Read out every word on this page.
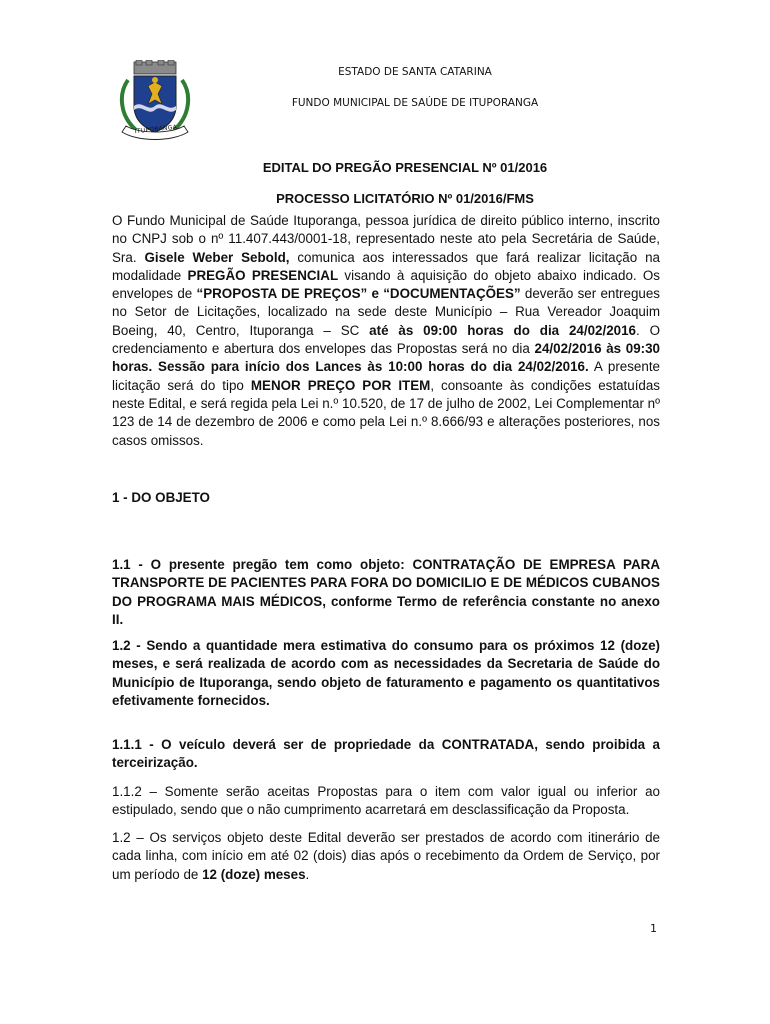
ITUPORANGA
ESTADO DE SANTA CATARINA
FUNDO MUNICIPAL DE SAÚDE DE ITUPORANGA
EDITAL DO PREGÃO PRESENCIAL Nº 01/2016
PROCESSO LICITATÓRIO Nº 01/2016/FMS
O Fundo Municipal de Saúde Ituporanga, pessoa jurídica de direito público interno, inscrito no CNPJ sob o nº 11.407.443/0001-18, representado neste ato pela Secretária de Saúde, Sra. Gisele Weber Sebold, comunica aos interessados que fará realizar licitação na modalidade PREGÃO PRESENCIAL visando à aquisição do objeto abaixo indicado. Os envelopes de “PROPOSTA DE PREÇOS” e “DOCUMENTAÇÕES” deverão ser entregues no Setor de Licitações, localizado na sede deste Município – Rua Vereador Joaquim Boeing, 40, Centro, Ituporanga – SC até às 09:00 horas do dia 24/02/2016. O credenciamento e abertura dos envelopes das Propostas será no dia 24/02/2016 às 09:30 horas. Sessão para início dos Lances às 10:00 horas do dia 24/02/2016. A presente licitação será do tipo MENOR PREÇO POR ITEM, consoante às condições estatuídas neste Edital, e será regida pela Lei n.º 10.520, de 17 de julho de 2002, Lei Complementar nº 123 de 14 de dezembro de 2006 e como pela Lei n.º 8.666/93 e alterações posteriores, nos casos omissos.
1 - DO OBJETO
1.1 - O presente pregão tem como objeto: CONTRATAÇÃO DE EMPRESA PARA TRANSPORTE DE PACIENTES PARA FORA DO DOMICILIO E DE MÉDICOS CUBANOS DO PROGRAMA MAIS MÉDICOS, conforme Termo de referência constante no anexo II.
1.2 - Sendo a quantidade mera estimativa do consumo para os próximos 12 (doze) meses, e será realizada de acordo com as necessidades da Secretaria de Saúde do Município de Ituporanga, sendo objeto de faturamento e pagamento os quantitativos efetivamente fornecidos.
1.1.1 - O veículo deverá ser de propriedade da CONTRATADA, sendo proibida a terceirização.
1.1.2 – Somente serão aceitas Propostas para o item com valor igual ou inferior ao estipulado, sendo que o não cumprimento acarretará em desclassificação da Proposta.
1.2 – Os serviços objeto deste Edital deverão ser prestados de acordo com itinerário de cada linha, com início em até 02 (dois) dias após o recebimento da Ordem de Serviço, por um período de 12 (doze) meses.
1
